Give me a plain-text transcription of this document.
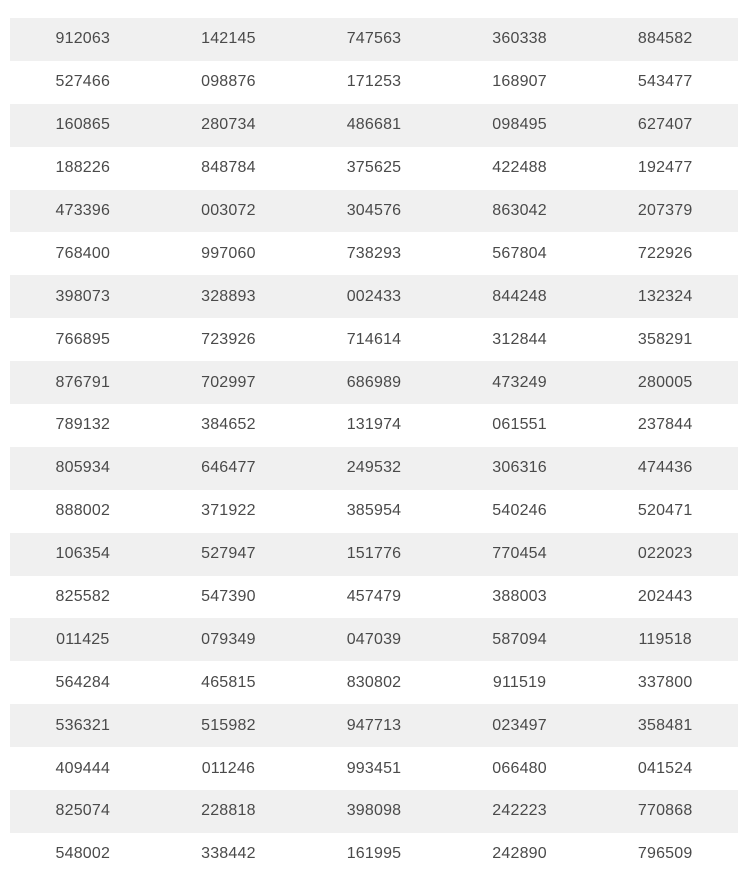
912063	142145	747563	360338	884582
527466	098876	171253	168907	543477
160865	280734	486681	098495	627407
188226	848784	375625	422488	192477
473396	003072	304576	863042	207379
768400	997060	738293	567804	722926
398073	328893	002433	844248	132324
766895	723926	714614	312844	358291
876791	702997	686989	473249	280005
789132	384652	131974	061551	237844
805934	646477	249532	306316	474436
888002	371922	385954	540246	520471
106354	527947	151776	770454	022023
825582	547390	457479	388003	202443
011425	079349	047039	587094	119518
564284	465815	830802	911519	337800
536321	515982	947713	023497	358481
409444	011246	993451	066480	041524
825074	228818	398098	242223	770868
548002	338442	161995	242890	796509
